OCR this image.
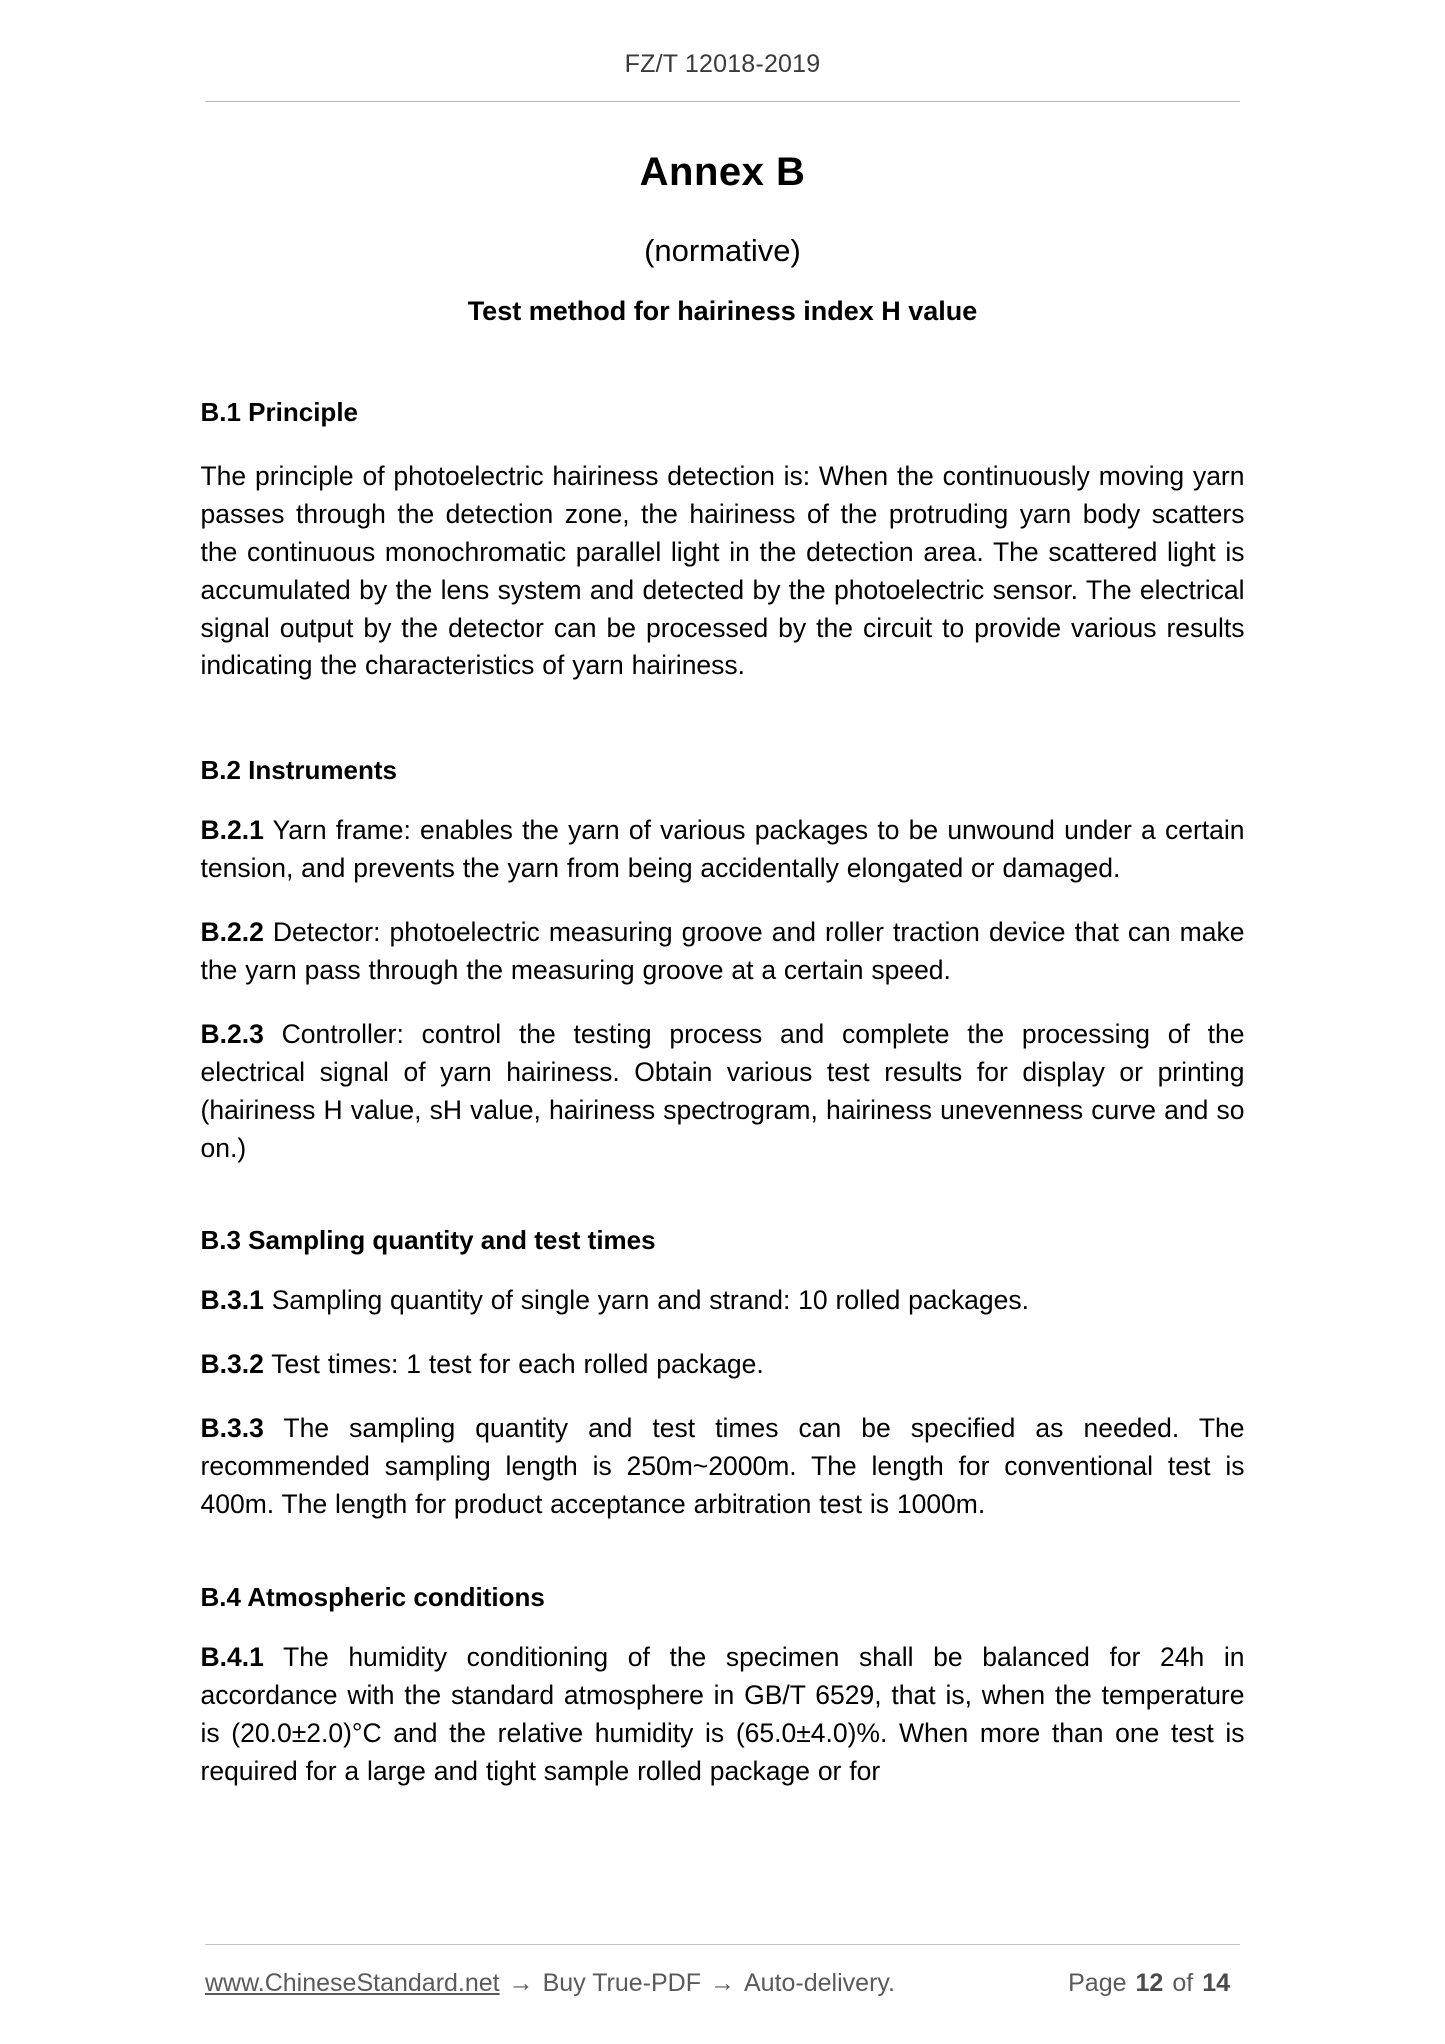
FZ/T 12018-2019
Annex B
(normative)
Test method for hairiness index H value
B.1 Principle

The principle of photoelectric hairiness detection is: When the continuously moving yarn passes through the detection zone, the hairiness of the protruding yarn body scatters the continuous monochromatic parallel light in the detection area. The scattered light is accumulated by the lens system and detected by the photoelectric sensor. The electrical signal output by the detector can be processed by the circuit to provide various results indicating the characteristics of yarn hairiness.

B.2 Instruments

B.2.1 Yarn frame: enables the yarn of various packages to be unwound under a certain tension, and prevents the yarn from being accidentally elongated or damaged.

B.2.2 Detector: photoelectric measuring groove and roller traction device that can make the yarn pass through the measuring groove at a certain speed.

B.2.3 Controller: control the testing process and complete the processing of the electrical signal of yarn hairiness. Obtain various test results for display or printing (hairiness H value, sH value, hairiness spectrogram, hairiness unevenness curve and so on.)

B.3 Sampling quantity and test times

B.3.1 Sampling quantity of single yarn and strand: 10 rolled packages.

B.3.2 Test times: 1 test for each rolled package.

B.3.3 The sampling quantity and test times can be specified as needed. The recommended sampling length is 250m~2000m. The length for conventional test is 400m. The length for product acceptance arbitration test is 1000m.

B.4 Atmospheric conditions

B.4.1 The humidity conditioning of the specimen shall be balanced for 24h in accordance with the standard atmosphere in GB/T 6529, that is, when the temperature is (20.0±2.0)°C and the relative humidity is (65.0±4.0)%. When more than one test is required for a large and tight sample rolled package or for

www.ChineseStandard.net → Buy True-PDF → Auto-delivery.	Page 12 of 14
